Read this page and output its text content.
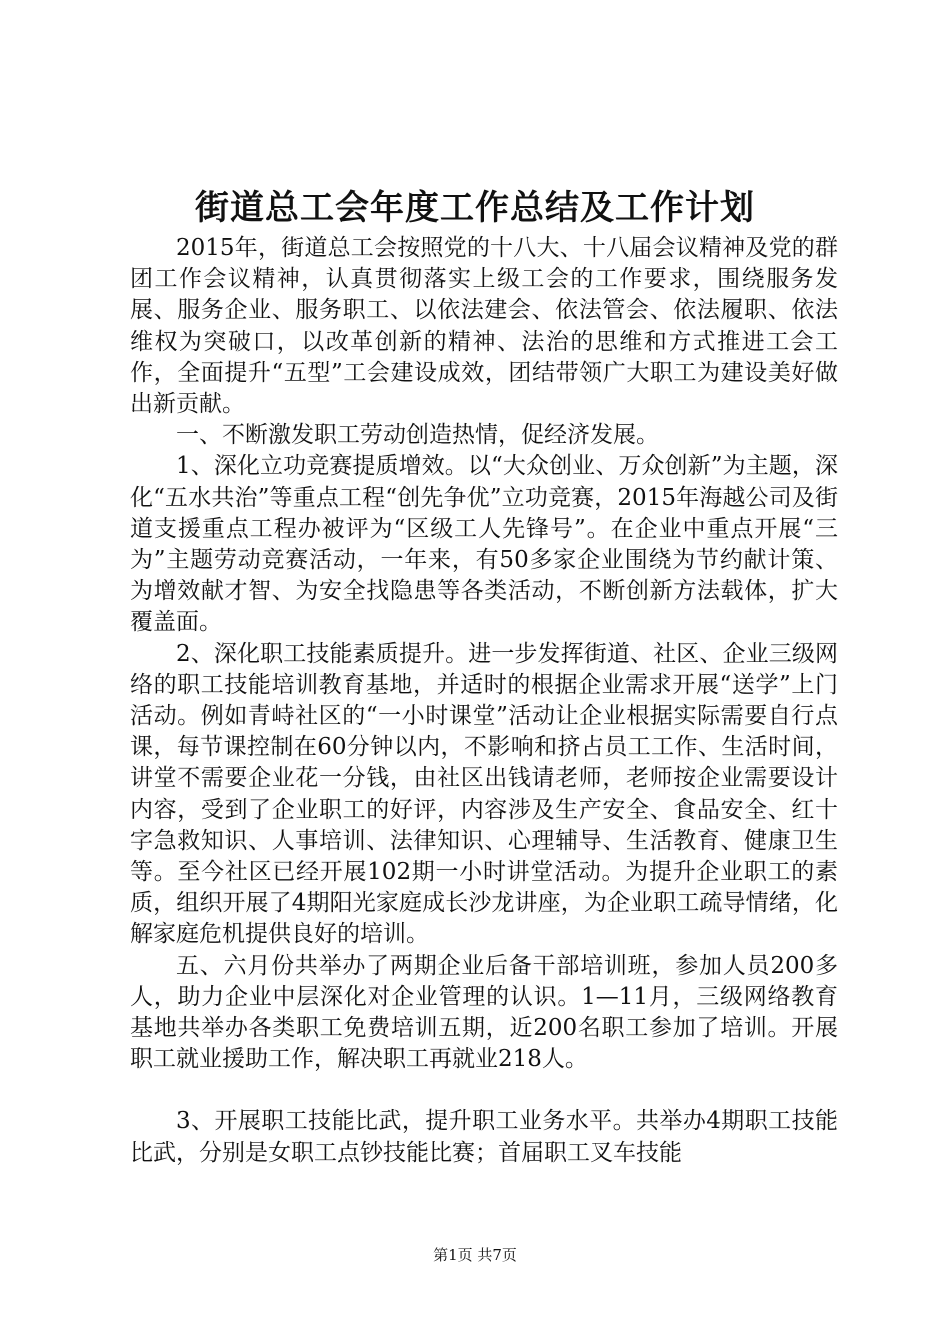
街道总工会年度工作总结及工作计划

2015年，街道总工会按照党的十八大、十八届会议精神及党的群团工作会议精神，认真贯彻落实上级工会的工作要求，围绕服务发展、服务企业、服务职工、以依法建会、依法管会、依法履职、依法维权为突破口，以改革创新的精神、法治的思维和方式推进工会工作，全面提升“五型”工会建设成效，团结带领广大职工为建设美好做出新贡献。

一、不断激发职工劳动创造热情，促经济发展。

1、深化立功竞赛提质增效。以“大众创业、万众创新”为主题，深化“五水共治”等重点工程“创先争优”立功竞赛，2015年海越公司及街道支援重点工程办被评为“区级工人先锋号”。在企业中重点开展“三为”主题劳动竞赛活动，一年来，有50多家企业围绕为节约献计策、为增效献才智、为安全找隐患等各类活动，不断创新方法载体，扩大覆盖面。

2、深化职工技能素质提升。进一步发挥街道、社区、企业三级网络的职工技能培训教育基地，并适时的根据企业需求开展“送学”上门活动。例如青峙社区的“一小时课堂”活动让企业根据实际需要自行点课，每节课控制在60分钟以内，不影响和挤占员工工作、生活时间，讲堂不需要企业花一分钱，由社区出钱请老师，老师按企业需要设计内容，受到了企业职工的好评，内容涉及生产安全、食品安全、红十字急救知识、人事培训、法律知识、心理辅导、生活教育、健康卫生等。至今社区已经开展102期一小时讲堂活动。为提升企业职工的素质，组织开展了4期阳光家庭成长沙龙讲座，为企业职工疏导情绪，化解家庭危机提供良好的培训。

五、六月份共举办了两期企业后备干部培训班，参加人员200多人，助力企业中层深化对企业管理的认识。1—11月，三级网络教育基地共举办各类职工免费培训五期，近200名职工参加了培训。开展职工就业援助工作，解决职工再就业218人。

3、开展职工技能比武，提升职工业务水平。共举办4期职工技能比武，分别是女职工点钞技能比赛；首届职工叉车技能

第1页 共7页
